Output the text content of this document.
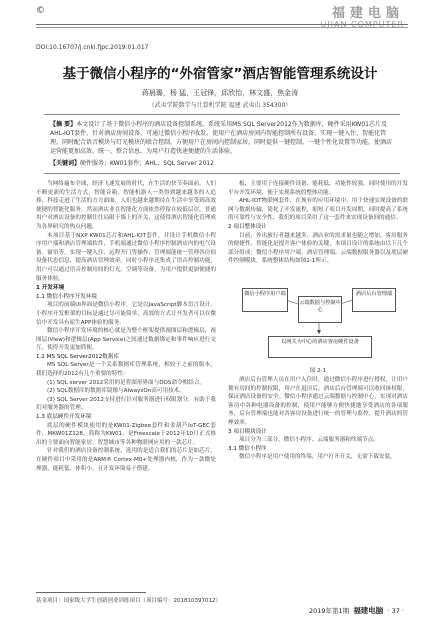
©	福建电脑
DOI:10.16707/j.cnki.fjpc.2019.01.017
基于微信小程序的“外宿管家”酒店智能管理系统设计
蒋晨璐，杨 猛，王冠锋，邱欣怡，林文盛，焦金涛
（武夷学院数学与计算机学院 福建 武夷山 354300）
【摘 要】本文设计了基于微信小程序的酒店设备控制系统。系统采用MS SQL Server2012作为数据库，硬件采用KW01芯片及AHL-IOT套件，针对酒店房间设备，可通过微信小程序收发，使用户在酒店房间内智能控制所有设备，实现一键入住，智能化管理，同时配合语音模块与灯光模块的联合控制，方便用户在房间内控制家居，同时提供一键控制、一键个性化设置等功能，使酒店运营能更加高效、统一、整合信息，为用户打造快速便捷的生活体验。
【关键词】硬件服务；KW01套件；AHL；SQL Server 2012

当网络遍布全球，经济飞速发展的时代，在生活的快节奏面前，人们不断更新的生活方式、智能音箱、智能机器人一类得到越来越多的人追捧，科技走进了生活的方方面面，人们也越来越期待在生活中享受到高效便捷的智能化服务。然而酒店业在智能化方面依然停留在较低层次，普通用户对酒店设备的控制往往局限于墙上的开关，这使得酒店智能化管理成为各界研究的热点问题。

本项目基于NXP KW01芯片和AHL-IOT套件，并设计手机微信小程序用户端和酒店管理端软件，手机端通过微信小程序控制酒店内的电气设备、窗帘等，实现一键入住、远程开门等操作；管理端能统一管理各房间设备状态信息，提高酒店管理效率。同时小程序还集成了语音控制功能，用户可以通过语音控制房间的灯光、空调等设备，为用户提供更加便捷的服务体验。

1 开发环境

1.1 微信小程序开发环境

项目的前端UI界面是微信小程序，它是以JavaScript脚本语言设计，小程序开发框架的目标是通过尽可能简单、高效的方式让开发者可以在微信中开发具有原生APP体验的服务。

微信小程序开发环境的核心就是为整个框架提供视图层和逻辑层，视图层(View)和逻辑层(App Service)之间通过数据绑定和事件响应进行交互，使得开发更加简便。

1.2 MS SQL Server2012数据库

MS SQL Server是一个关系数据库管理系统，相较于之前的版本，我们选择的2012有几个重要的特性：

(1) SQL server 2012采用的是将图形界面与DOS命令相结合。

(2) SQL数据库的数据库镜像与AlwaysOn高可用技术。

(3) SQL Server 2012支持进行针对服务器进行权限划分，有助于我们对服务器的管理。

1.3 底层硬件开发环境

底层的硬件模块使用的是KW01-Zigbee套件和金葫芦IoT-GEC套件，MKW01Z128，简称为KW01，是Freescale于2012年10月正式推出的主要面向智能家居、智慧城市等各种物联网应用的一款芯片。

针对我们的酒店设备控制系统，选用的是适合我们的芯片是如芯片，在硬件项目中采用的是ARM® Cortex-M0+处理器内核，作为一款微处理器，能耗低、体积小，且开发环境易于搭建。

板，主要用于连接硬件设备、能耗低、功能性较强，同时使用的开发平台开发环境，便于实现系统的整体功能。

AHL-IOT物联网套件，在现有的应用环境中，用于快速实现设备的联网与数据传输，简化了开发流程，缩短了项目开发周期，同时提高了系统的可靠性与安全性。我们的项目采用了这一套件来实现设备间的通信。

2 项目整体设计

目前，外出旅行者越来越多，酒店业的需求量也随之增加。客房服务的便捷性、智能化是提升客户体验的关键，本项目设计的系统由以下几个部分组成：微信小程序用户端、酒店管理端、云端数据服务器以及底层硬件控制模块，系统整体结构如图2-1所示。

微信小程序用户端
云端数据与控制中心
酒店后台管理端
以网关为中心的酒店客房硬件设备
图 2-1

酒店后台管理人员在用户入住时，通过微信小程序进行授权，让用户拥有房间的控制权限，用户在退房后，酒店后台管理端可以收回该权限，保证酒店设备的安全。微信小程序通过云端数据与控制中心，实现对酒店客房中各种电器设备的控制，使用户能够方便快捷地享受酒店的各项服务，后台管理端也能对各客房设备进行统一的管理与监控，提升酒店的管理效率。

3 项目模块设计

项目分为三部分，微信小程序、云端服务器和终端节点。

3.1 微信小程序

微信小程序是用户使用的终端，用户打开开关，无需下载安装，

基金项目：国家级大学生创新创业训练项目（项目编号：201810397012）
2019年第1期 福建电脑 · 37 ·
